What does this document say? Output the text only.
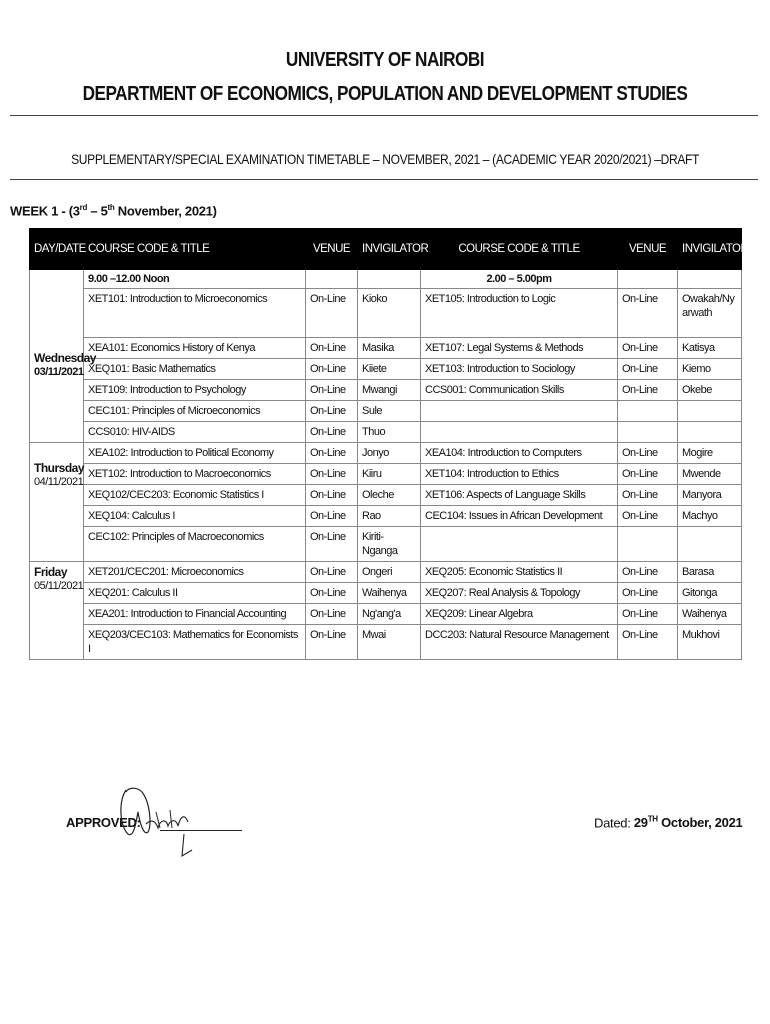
UNIVERSITY OF NAIROBI
DEPARTMENT OF ECONOMICS, POPULATION AND DEVELOPMENT STUDIES
SUPPLEMENTARY/SPECIAL EXAMINATION TIMETABLE – NOVEMBER, 2021 – (ACADEMIC YEAR 2020/2021) –DRAFT
WEEK 1 - (3rd – 5th November, 2021)
DAY/DATE	COURSE CODE & TITLE	VENUE	INVIGILATOR	COURSE CODE & TITLE	VENUE	INVIGILATOR

Wednesday
03/11/2021	9.00 –12.00 Noon			2.00 – 5.00pm		
	XET101: Introduction to Microeconomics	On-Line	Kioko	XET105: Introduction to Logic	On-Line	Owakah/Nyarwath
	XEA101: Economics History of Kenya	On-Line	Masika	XET107: Legal Systems & Methods	On-Line	Katisya
	XEQ101: Basic Mathematics	On-Line	Kiiete	XET103: Introduction to Sociology	On-Line	Kiemo
	XET109: Introduction to Psychology	On-Line	Mwangi	CCS001: Communication Skills	On-Line	Okebe
	CEC101: Principles of Microeconomics	On-Line	Sule			
	CCS010: HIV-AIDS	On-Line	Thuo			

Thursday
04/11/2021	XEA102: Introduction to Political Economy	On-Line	Jonyo	XEA104: Introduction to Computers	On-Line	Mogire
	XET102: Introduction to Macroeconomics	On-Line	Kiiru	XET104: Introduction to Ethics	On-Line	Mwende
	XEQ102/CEC203: Economic Statistics I	On-Line	Oleche	XET106: Aspects of Language Skills	On-Line	Manyora
	XEQ104: Calculus I	On-Line	Rao	CEC104: Issues in African Development	On-Line	Machyo
	CEC102: Principles of Macroeconomics	On-Line	Kiriti-Nganga			

Friday
05/11/2021	XET201/CEC201: Microeconomics	On-Line	Ongeri	XEQ205: Economic Statistics II	On-Line	Barasa
	XEQ201: Calculus II	On-Line	Waihenya	XEQ207: Real Analysis & Topology	On-Line	Gitonga
	XEA201: Introduction to Financial Accounting	On-Line	Ng'ang'a	XEQ209: Linear Algebra	On-Line	Waihenya
	XEQ203/CEC103: Mathematics for Economists I	On-Line	Mwai	DCC203: Natural Resource Management	On-Line	Mukhovi
APPROVED:	Dated: 29TH October, 2021
